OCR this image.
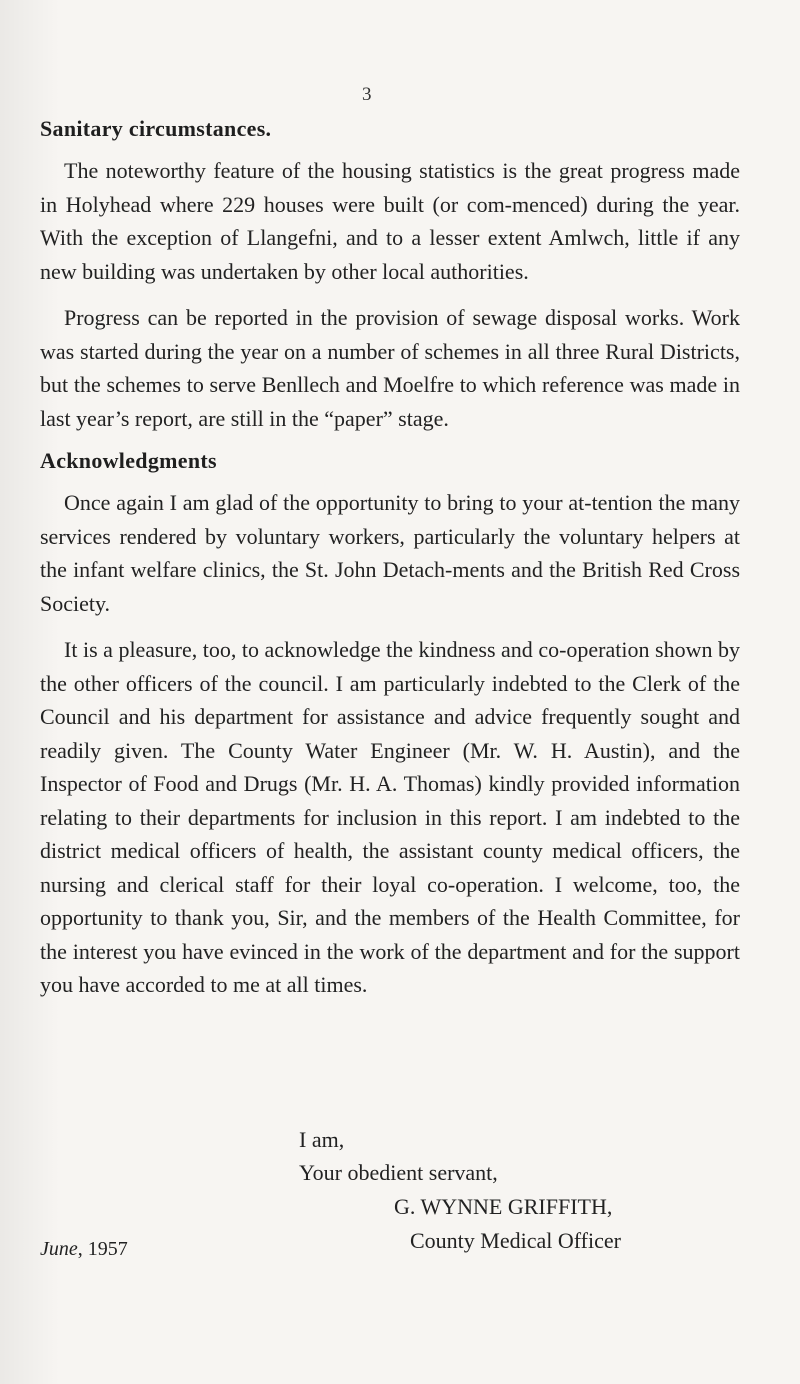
3
Sanitary circumstances.

The noteworthy feature of the housing statistics is the great progress made in Holyhead where 229 houses were built (or com-menced) during the year. With the exception of Llangefni, and to a lesser extent Amlwch, little if any new building was undertaken by other local authorities.

Progress can be reported in the provision of sewage disposal works. Work was started during the year on a number of schemes in all three Rural Districts, but the schemes to serve Benllech and Moelfre to which reference was made in last year’s report, are still in the “paper” stage.

Acknowledgments

Once again I am glad of the opportunity to bring to your at-tention the many services rendered by voluntary workers, particularly the voluntary helpers at the infant welfare clinics, the St. John Detach-ments and the British Red Cross Society.

It is a pleasure, too, to acknowledge the kindness and co-operation shown by the other officers of the council. I am particularly indebted to the Clerk of the Council and his department for assistance and advice frequently sought and readily given. The County Water Engineer (Mr. W. H. Austin), and the Inspector of Food and Drugs (Mr. H. A. Thomas) kindly provided information relating to their departments for inclusion in this report. I am indebted to the district medical officers of health, the assistant county medical officers, the nursing and clerical staff for their loyal co-operation. I welcome, too, the opportunity to thank you, Sir, and the members of the Health Committee, for the interest you have evinced in the work of the department and for the support you have accorded to me at all times.

I am,
Your obedient servant,
G. WYNNE GRIFFITH,
County Medical Officer
June, 1957
